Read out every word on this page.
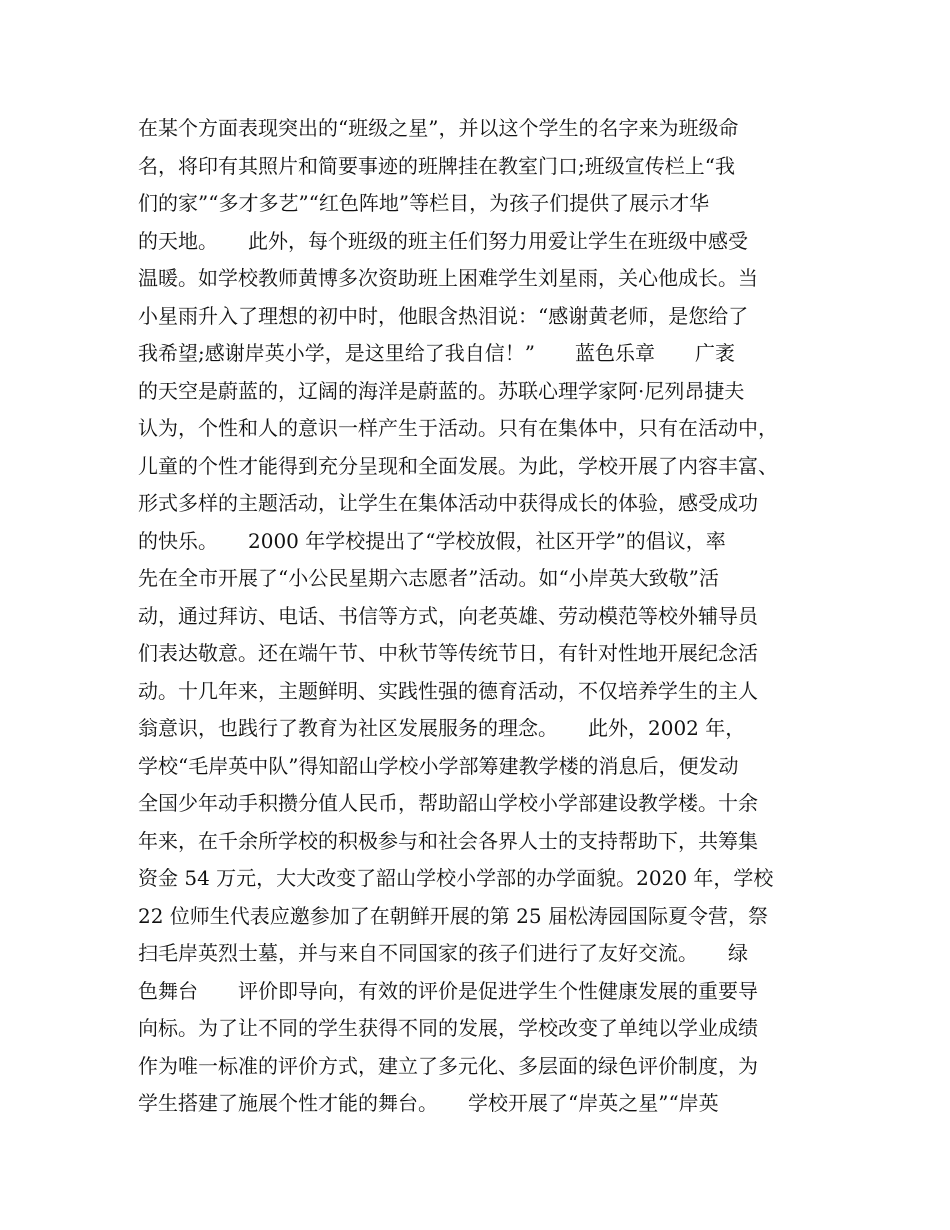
在某个方面表现突出的“班级之星”，并以这个学生的名字来为班级命
名，将印有其照片和简要事迹的班牌挂在教室门口;班级宣传栏上“我
们的家”“多才多艺”“红色阵地”等栏目，为孩子们提供了展示才华
的天地。　　此外，每个班级的班主任们努力用爱让学生在班级中感受
温暖。如学校教师黄博多次资助班上困难学生刘星雨，关心他成长。当
小星雨升入了理想的初中时，他眼含热泪说：“感谢黄老师，是您给了
我希望;感谢岸英小学，是这里给了我自信！”　　蓝色乐章　　广袤
的天空是蔚蓝的，辽阔的海洋是蔚蓝的。苏联心理学家阿·尼列昂捷夫
认为，个性和人的意识一样产生于活动。只有在集体中，只有在活动中，
儿童的个性才能得到充分呈现和全面发展。为此，学校开展了内容丰富、
形式多样的主题活动，让学生在集体活动中获得成长的体验，感受成功
的快乐。　　2000 年学校提出了“学校放假，社区开学”的倡议，率
先在全市开展了“小公民星期六志愿者”活动。如“小岸英大致敬”活
动，通过拜访、电话、书信等方式，向老英雄、劳动模范等校外辅导员
们表达敬意。还在端午节、中秋节等传统节日，有针对性地开展纪念活
动。十几年来，主题鲜明、实践性强的德育活动，不仅培养学生的主人
翁意识，也践行了教育为社区发展服务的理念。　　此外，2002 年，
学校“毛岸英中队”得知韶山学校小学部筹建教学楼的消息后，便发动
全国少年动手积攒分值人民币，帮助韶山学校小学部建设教学楼。十余
年来，在千余所学校的积极参与和社会各界人士的支持帮助下，共筹集
资金 54 万元，大大改变了韶山学校小学部的办学面貌。2020 年，学校
22 位师生代表应邀参加了在朝鲜开展的第 25 届松涛园国际夏令营，祭
扫毛岸英烈士墓，并与来自不同国家的孩子们进行了友好交流。　　绿
色舞台　　评价即导向，有效的评价是促进学生个性健康发展的重要导
向标。为了让不同的学生获得不同的发展，学校改变了单纯以学业成绩
作为唯一标准的评价方式，建立了多元化、多层面的绿色评价制度，为
学生搭建了施展个性才能的舞台。　　学校开展了“岸英之星”“岸英
